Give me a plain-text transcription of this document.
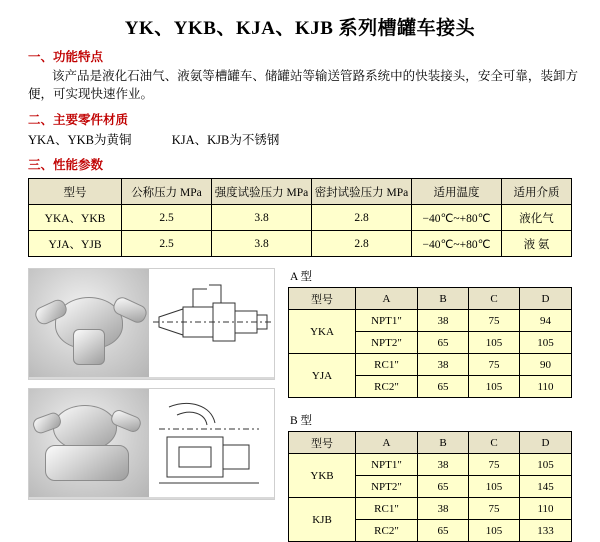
YK、YKB、KJA、KJB 系列槽罐车接头
一、功能特点
该产品是液化石油气、液氨等槽罐车、储罐站等输送管路系统中的快装接头，安全可靠，装卸方便，可实现快速作业。
二、主要零件材质
YKA、YKB为黄铜	KJA、KJB为不锈钢
三、性能参数
型号	公称压力 MPa	强度试验压力 MPa	密封试验压力 MPa	适用温度	适用介质
YKA、YKB	2.5	3.8	2.8	−40℃~+80℃	液化气
YJA、YJB	2.5	3.8	2.8	−40℃~+80℃	液 氨
A 型
型号	A	B	C	D
YKA	NPT1"	38	75	94
	NPT2"	65	105	105
YJA	RC1"	38	75	90
	RC2"	65	105	110
B 型
型号	A	B	C	D
YKB	NPT1"	38	75	105
	NPT2"	65	105	145
KJB	RC1"	38	75	110
	RC2"	65	105	133
